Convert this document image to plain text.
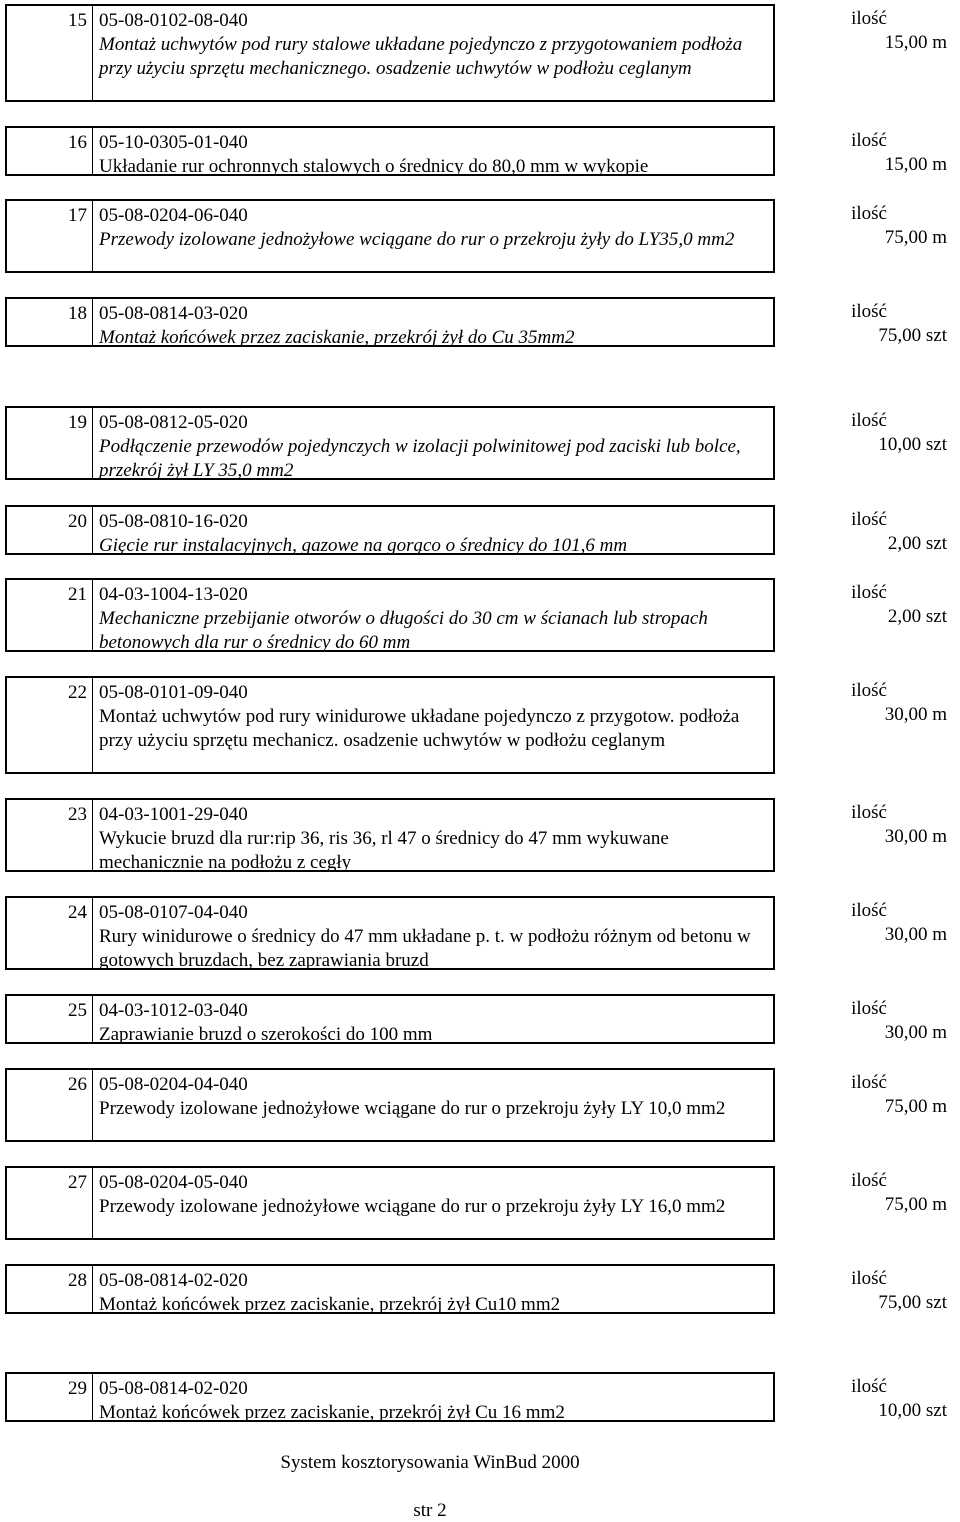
15 05-08-0102-08-040
Montaż uchwytów pod rury stalowe układane pojedynczo z przygotowaniem podłoża przy użyciu sprzętu mechanicznego. osadzenie uchwytów w podłożu ceglanym
ilość
15,00 m
16 05-10-0305-01-040
Układanie rur ochronnych stalowych o średnicy do 80,0 mm w wykopie
ilość
15,00 m
17 05-08-0204-06-040
Przewody izolowane jednożyłowe wciągane do rur o przekroju żyły do LY35,0 mm2
ilość
75,00 m
18 05-08-0814-03-020
Montaż końcówek przez zaciskanie, przekrój żył do Cu 35mm2
ilość
75,00 szt
19 05-08-0812-05-020
Podłączenie przewodów pojedynczych w izolacji polwinitowej pod zaciski lub bolce, przekrój żył LY 35,0 mm2
ilość
10,00 szt
20 05-08-0810-16-020
Gięcie rur instalacyjnych, gazowe na gorąco o średnicy do 101,6 mm
ilość
2,00 szt
21 04-03-1004-13-020
Mechaniczne przebijanie otworów o długości do 30 cm w ścianach lub stropach betonowych dla rur o średnicy do 60 mm
ilość
2,00 szt
22 05-08-0101-09-040
Montaż uchwytów pod rury winidurowe układane pojedynczo z przygotow. podłoża przy użyciu sprzętu mechanicz. osadzenie uchwytów w podłożu ceglanym
ilość
30,00 m
23 04-03-1001-29-040
Wykucie bruzd dla rur:rip 36, ris 36, rl 47 o średnicy do 47 mm wykuwane mechanicznie na podłożu z cegły
ilość
30,00 m
24 05-08-0107-04-040
Rury winidurowe o średnicy do 47 mm układane p. t. w podłożu różnym od betonu w gotowych bruzdach, bez zaprawiania bruzd
ilość
30,00 m
25 04-03-1012-03-040
Zaprawianie bruzd o szerokości do 100 mm
ilość
30,00 m
26 05-08-0204-04-040
Przewody izolowane jednożyłowe wciągane do rur o przekroju żyły LY 10,0 mm2
ilość
75,00 m
27 05-08-0204-05-040
Przewody izolowane jednożyłowe wciągane do rur o przekroju żyły LY 16,0 mm2
ilość
75,00 m
28 05-08-0814-02-020
Montaż końcówek przez zaciskanie, przekrój żył Cu10 mm2
ilość
75,00 szt
29 05-08-0814-02-020
Montaż końcówek przez zaciskanie, przekrój żył Cu 16 mm2
ilość
10,00 szt
System kosztorysowania WinBud 2000
str 2
